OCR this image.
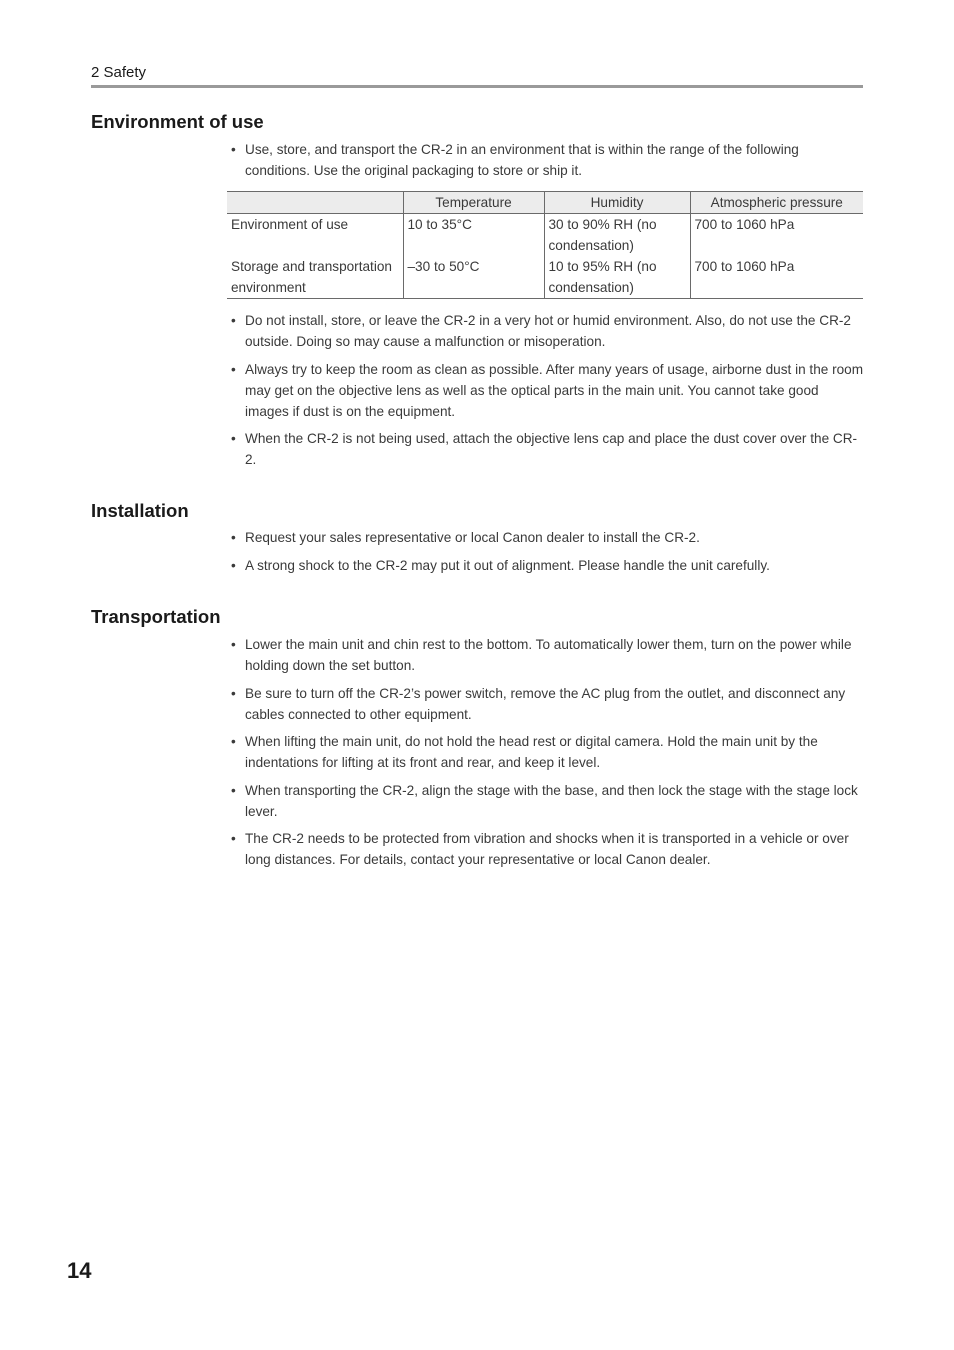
2 Safety
Environment of use
• Use, store, and transport the CR-2 in an environment that is within the range of the following conditions. Use the original packaging to store or ship it.
	Temperature	Humidity	Atmospheric pressure
Environment of use	10 to 35°C	30 to 90% RH (no condensation)	700 to 1060 hPa
Storage and transportation environment	–30 to 50°C	10 to 95% RH (no condensation)	700 to 1060 hPa
• Do not install, store, or leave the CR-2 in a very hot or humid environment. Also, do not use the CR-2 outside. Doing so may cause a malfunction or misoperation.
• Always try to keep the room as clean as possible. After many years of usage, airborne dust in the room may get on the objective lens as well as the optical parts in the main unit. You cannot take good images if dust is on the equipment.
• When the CR-2 is not being used, attach the objective lens cap and place the dust cover over the CR-2.
Installation
• Request your sales representative or local Canon dealer to install the CR-2.
• A strong shock to the CR-2 may put it out of alignment. Please handle the unit carefully.
Transportation
• Lower the main unit and chin rest to the bottom. To automatically lower them, turn on the power while holding down the set button.
• Be sure to turn off the CR-2’s power switch, remove the AC plug from the outlet, and disconnect any cables connected to other equipment.
• When lifting the main unit, do not hold the head rest or digital camera. Hold the main unit by the indentations for lifting at its front and rear, and keep it level.
• When transporting the CR-2, align the stage with the base, and then lock the stage with the stage lock lever.
• The CR-2 needs to be protected from vibration and shocks when it is transported in a vehicle or over long distances. For details, contact your representative or local Canon dealer.
14
